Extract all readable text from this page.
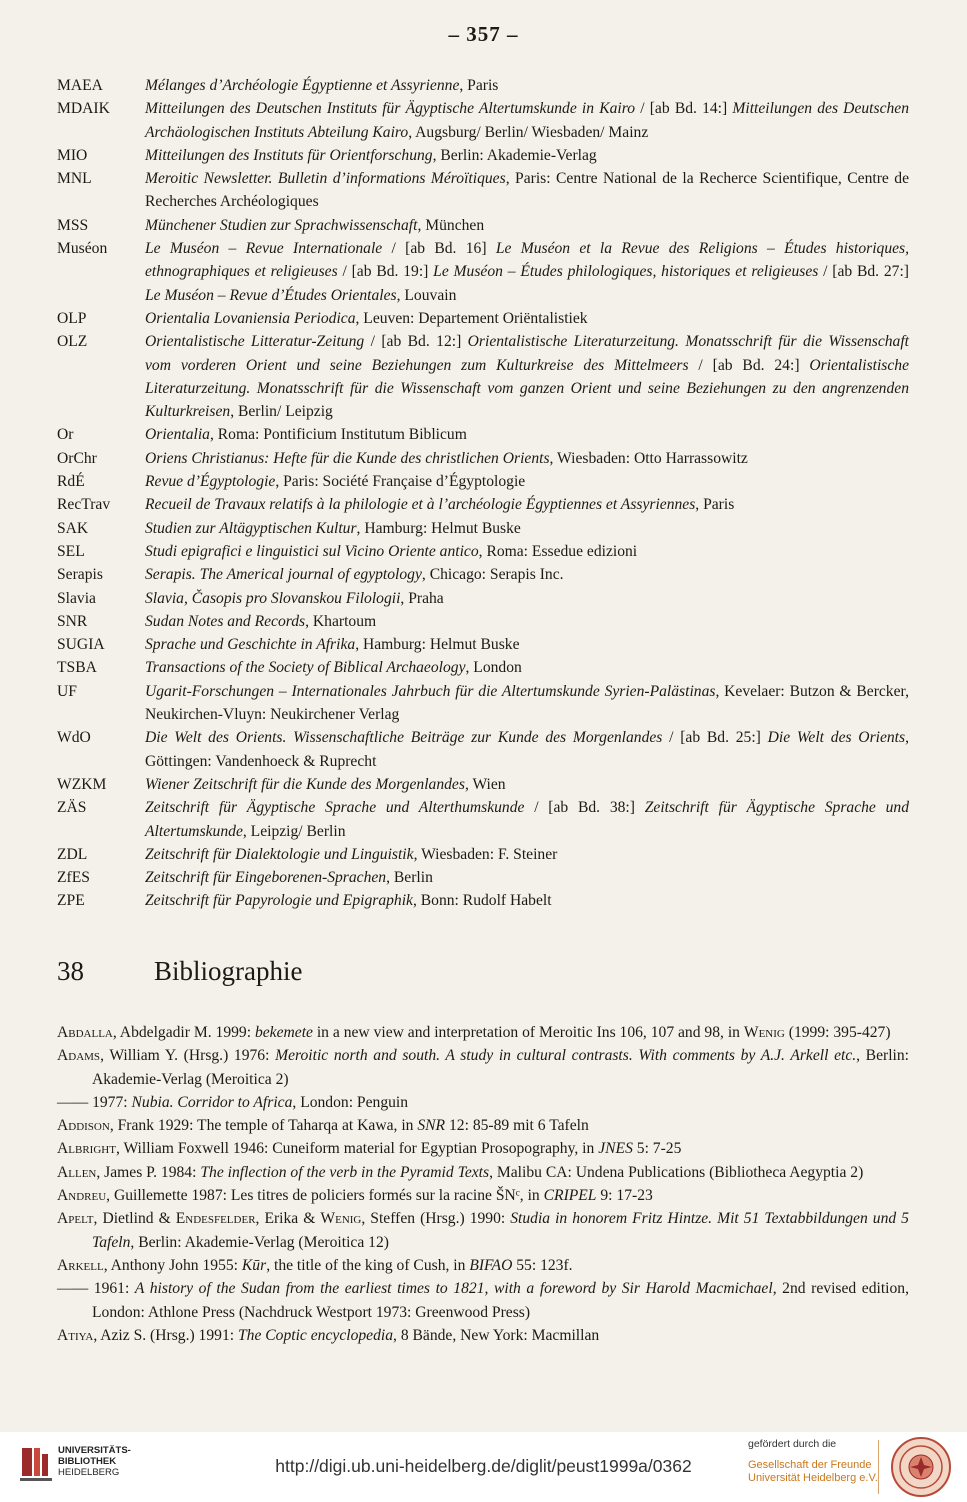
– 357 –
MAEA	Mélanges d’Archéologie Égyptienne et Assyrienne, Paris
MDAIK	Mitteilungen des Deutschen Instituts für Ägyptische Altertumskunde in Kairo / [ab Bd. 14:] Mitteilungen des Deutschen Archäologischen Instituts Abteilung Kairo, Augsburg/ Berlin/ Wiesbaden/ Mainz
MIO	Mitteilungen des Instituts für Orientforschung, Berlin: Akademie-Verlag
MNL	Meroitic Newsletter. Bulletin d’informations Méroïtiques, Paris: Centre National de la Recherce Scientifique, Centre de Recherches Archéologiques
MSS	Münchener Studien zur Sprachwissenschaft, München
Muséon	Le Muséon – Revue Internationale / [ab Bd. 16] Le Muséon et la Revue des Religions – Études historiques, ethnographiques et religieuses / [ab Bd. 19:] Le Muséon – Études philologiques, historiques et religieuses / [ab Bd. 27:] Le Muséon – Revue d’Études Orientales, Louvain
OLP	Orientalia Lovaniensia Periodica, Leuven: Departement Oriëntalistiek
OLZ	Orientalistische Litteratur-Zeitung / [ab Bd. 12:] Orientalistische Literaturzeitung. Monatsschrift für die Wissenschaft vom vorderen Orient und seine Beziehungen zum Kulturkreise des Mittelmeers / [ab Bd. 24:] Orientalistische Literaturzeitung. Monatsschrift für die Wissenschaft vom ganzen Orient und seine Beziehungen zu den angrenzenden Kulturkreisen, Berlin/ Leipzig
Or	Orientalia, Roma: Pontificium Institutum Biblicum
OrChr	Oriens Christianus: Hefte für die Kunde des christlichen Orients, Wiesbaden: Otto Harrassowitz
RdÉ	Revue d’Égyptologie, Paris: Société Française d’Égyptologie
RecTrav	Recueil de Travaux relatifs à la philologie et à l’archéologie Égyptiennes et Assyriennes, Paris
SAK	Studien zur Altägyptischen Kultur, Hamburg: Helmut Buske
SEL	Studi epigrafici e linguistici sul Vicino Oriente antico, Roma: Essedue edizioni
Serapis	Serapis. The Americal journal of egyptology, Chicago: Serapis Inc.
Slavia	Slavia, Časopis pro Slovanskou Filologii, Praha
SNR	Sudan Notes and Records, Khartoum
SUGIA	Sprache und Geschichte in Afrika, Hamburg: Helmut Buske
TSBA	Transactions of the Society of Biblical Archaeology, London
UF	Ugarit-Forschungen – Internationales Jahrbuch für die Altertumskunde Syrien-Palästinas, Kevelaer: Butzon & Bercker, Neukirchen-Vluyn: Neukirchener Verlag
WdO	Die Welt des Orients. Wissenschaftliche Beiträge zur Kunde des Morgenlandes / [ab Bd. 25:] Die Welt des Orients, Göttingen: Vandenhoeck & Ruprecht
WZKM	Wiener Zeitschrift für die Kunde des Morgenlandes, Wien
ZÄS	Zeitschrift für Ägyptische Sprache und Alterthumskunde / [ab Bd. 38:] Zeitschrift für Ägyptische Sprache und Altertumskunde, Leipzig/ Berlin
ZDL	Zeitschrift für Dialektologie und Linguistik, Wiesbaden: F. Steiner
ZfES	Zeitschrift für Eingeborenen-Sprachen, Berlin
ZPE	Zeitschrift für Papyrologie und Epigraphik, Bonn: Rudolf Habelt
38	Bibliographie
Abdalla, Abdelgadir M. 1999: bekemete in a new view and interpretation of Meroitic Ins 106, 107 and 98, in Wenig (1999: 395-427)
Adams, William Y. (Hrsg.) 1976: Meroitic north and south. A study in cultural contrasts. With comments by A.J. Arkell etc., Berlin: Akademie-Verlag (Meroitica 2)
—— 1977: Nubia. Corridor to Africa, London: Penguin
Addison, Frank 1929: The temple of Taharqa at Kawa, in SNR 12: 85-89 mit 6 Tafeln
Albright, William Foxwell 1946: Cuneiform material for Egyptian Prosopography, in JNES 5: 7-25
Allen, James P. 1984: The inflection of the verb in the Pyramid Texts, Malibu CA: Undena Publications (Bibliotheca Aegyptia 2)
Andreu, Guillemette 1987: Les titres de policiers formés sur la racine ŠNᶜ, in CRIPEL 9: 17-23
Apelt, Dietlind & Endesfelder, Erika & Wenig, Steffen (Hrsg.) 1990: Studia in honorem Fritz Hintze. Mit 51 Textabbildungen und 5 Tafeln, Berlin: Akademie-Verlag (Meroitica 12)
Arkell, Anthony John 1955: Kūr, the title of the king of Cush, in BIFAO 55: 123f.
—— 1961: A history of the Sudan from the earliest times to 1821, with a foreword by Sir Harold Macmichael, 2nd revised edition, London: Athlone Press (Nachdruck Westport 1973: Greenwood Press)
Atiya, Aziz S. (Hrsg.) 1991: The Coptic encyclopedia, 8 Bände, New York: Macmillan
UNIVERSITÄTS-
BIBLIOTHEK
HEIDELBERG	http://digi.ub.uni-heidelberg.de/diglit/peust1999a/0362
gefördert durch die
Gesellschaft der Freunde
Universität Heidelberg e.V.
